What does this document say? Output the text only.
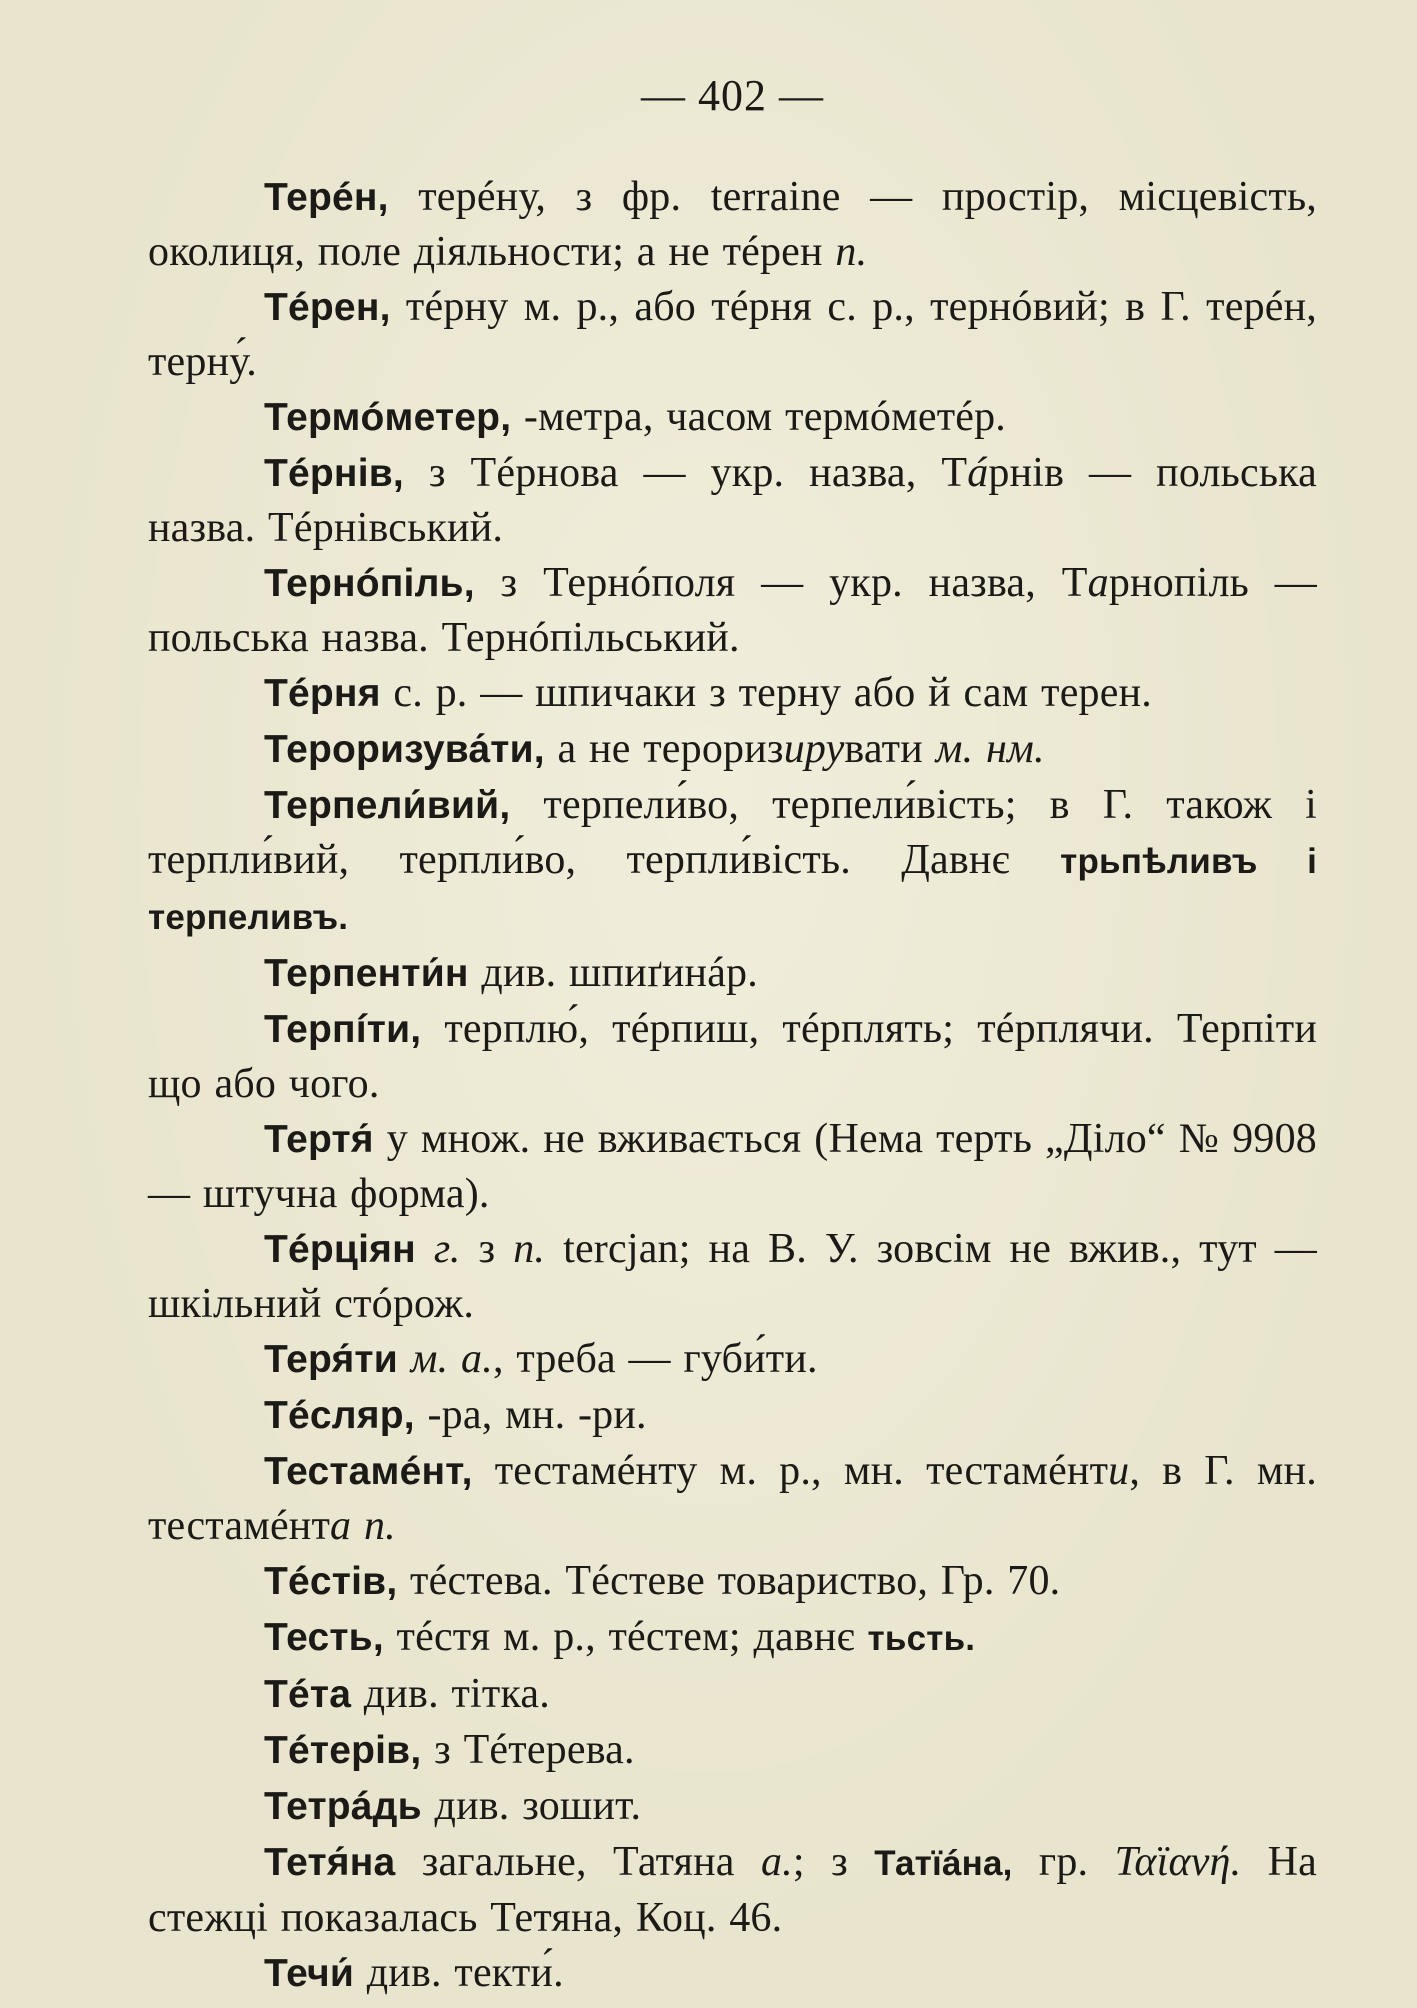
— 402 —

Терéн, терéну, з фр. terraine — простір, місцевість, околиця, поле діяльности; а не тéрен п.

Тéрен, тéрну м. р., або тéрня с. р., тернóвий; в Г. терéн, терну́.

Термóметер, -метра, часом термóметéр.

Тéрнів, з Тéрнова — укр. назва, Тáрнів — польська назва. Тéрнівський.

Тернóпіль, з Тернóполя — укр. назва, Тарнопіль — польська назва. Тернóпільський.

Тéрня с. р. — шпичаки з терну або й сам терен.

Тероризува́ти, а не тероризирувати м. нм.

Терпели́вий, терпели́во, терпели́вість; в Г. також і терпли́вий, терпли́во, терпли́вість. Давнє трьпѣливъ і терпеливъ.

Терпенти́н див. шпиґинáр.

Терпíти, терплю́, тéрпиш, тéрплять; тéрплячи. Терпіти що або чого.

Тертя́ у множ. не вживається (Нема терть „Діло“ № 9908 — штучна форма).

Тéрціян г. з п. tercjan; на В. У. зовсім не вжив., тут — шкільний стóрож.

Теря́ти м. а., треба — губи́ти.

Тéсляр, -ра, мн. -ри.

Тестамéнт, тестамéнту м. р., мн. тестамéнти, в Г. мн. тестамéнта п.

Тéстів, тéстева. Тéстеве товариство, Гр. 70.

Тесть, тéстя м. р., тéстем; давнє тьсть.

Тéта див. тітка.

Тéтерів, з Тéтерева.

Тетрáдь див. зошит.

Тетя́на загальне, Татяна а.; з Татїáна, гр. Ταϊανή. На стежці показалась Тетяна, Коц. 46.

Течи́ див. текти́.
